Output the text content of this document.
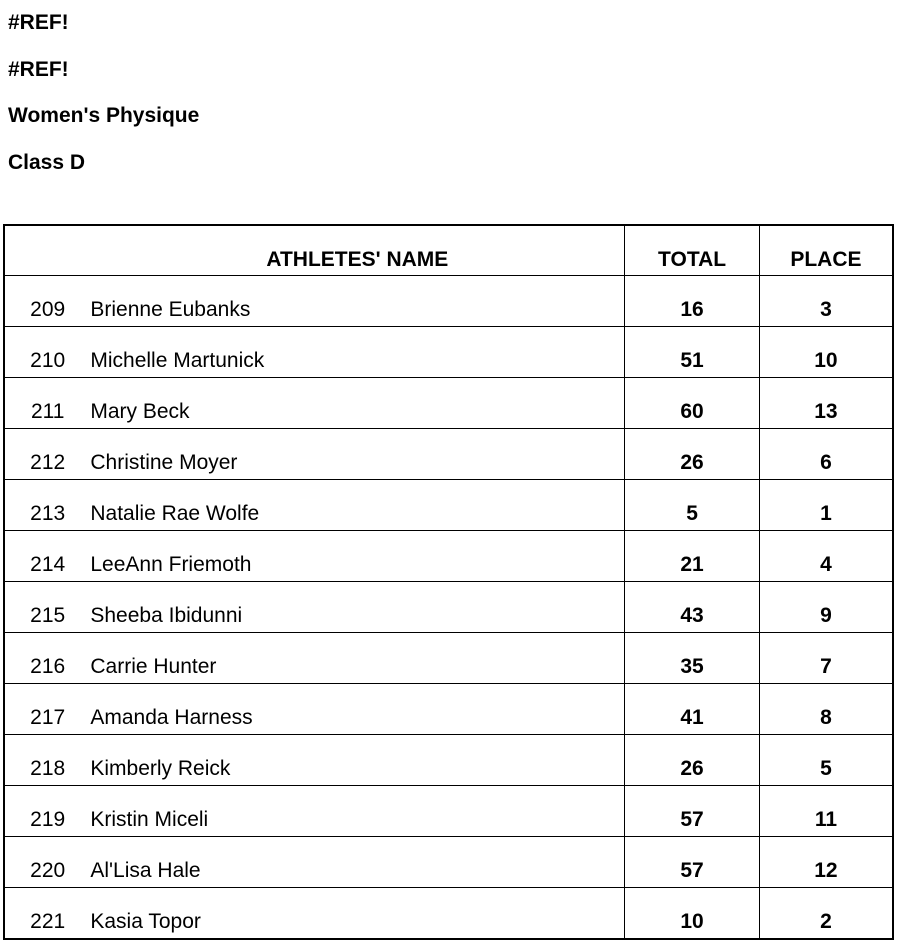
#REF!
#REF!
Women's Physique
Class D
	ATHLETES' NAME	TOTAL	PLACE
209	Brienne Eubanks	16	3
210	Michelle Martunick	51	10
211	Mary Beck	60	13
212	Christine Moyer	26	6
213	Natalie Rae Wolfe	5	1
214	LeeAnn Friemoth	21	4
215	Sheeba Ibidunni	43	9
216	Carrie Hunter	35	7
217	Amanda Harness	41	8
218	Kimberly Reick	26	5
219	Kristin Miceli	57	11
220	Al'Lisa Hale	57	12
221	Kasia Topor	10	2
